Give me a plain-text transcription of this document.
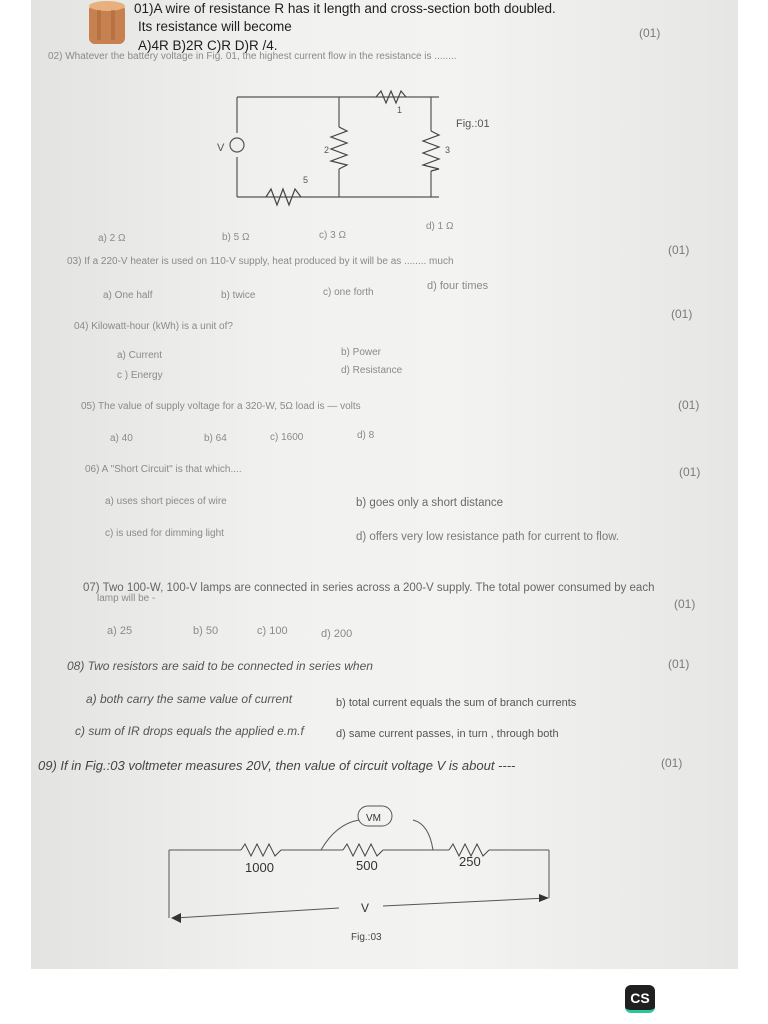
01)A wire of resistance R has it length and cross-section both doubled.
Its resistance will become
A)4R B)2R C)R D)R /4.
(01)
02) Whatever the battery voltage in Fig. 01, the highest current flow in the resistance is ........
1
2	3
5
V
Fig.:01
a) 2 Ω	b) 5 Ω	c) 3 Ω
d) 1 Ω
(01)
03) If a 220-V heater is used on 110-V supply, heat produced by it will be as ........ much
a) One half	b) twice	c) one forth
d) four times
(01)
04) Kilowatt-hour (kWh) is a unit of?
a) Current	b) Power
c ) Energy	d) Resistance
(01)
05) The value of supply voltage for a 320-W, 5Ω load is — volts
a) 40	b) 64	c) 1600	d) 8
(01)
06) A "Short Circuit" is that which....
a) uses short pieces of wire	b) goes only a short distance
c) is used for dimming light	d) offers very low resistance path for current to flow.
(01)
07) Two 100-W, 100-V lamps are connected in series across a 200-V supply. The total power consumed by each
lamp will be -
a) 25	b) 50	c) 100	d) 200
(01)
08) Two resistors are said to be connected in series when
a) both carry the same value of current	b) total current equals the sum of branch currents
c) sum of IR drops equals the applied e.m.f	d) same current passes, in turn , through both
(01)
09) If in Fig.:03 voltmeter measures 20V, then value of circuit voltage V is about ----
VM
1000	500	250
V
Fig.:03
CS
